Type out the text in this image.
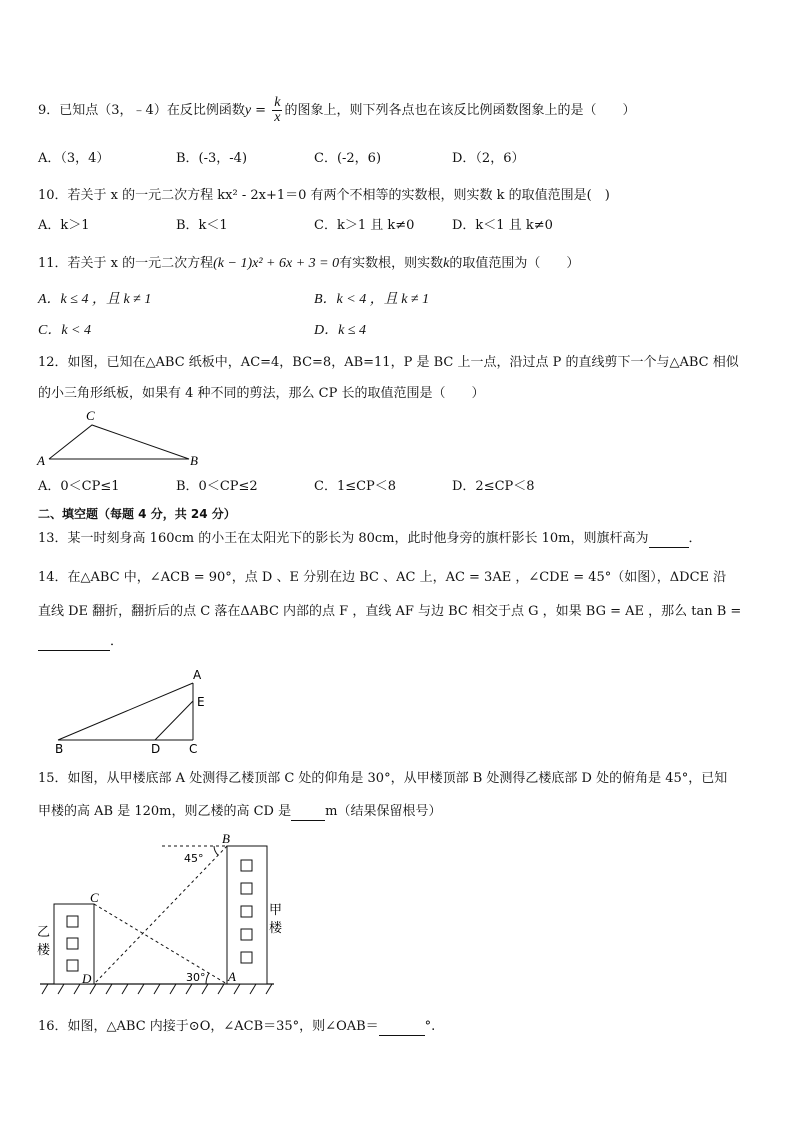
9．已知点（3，﹣4）在反比例函数$y = \frac{k}{x}$ 的图象上，则下列各点也在该反比例函数图象上的是（　　）
A．（3，4）	B．(-3，-4)	C．(-2，6)	D．（2，6）
10．若关于 x 的一元二次方程 kx² - 2x+1＝0 有两个不相等的实数根，则实数 k 的取值范围是(　)
A．k＞1	B．k＜1	C．k＞1 且 k≠0	D．k＜1 且 k≠0
11．若关于 x 的一元二次方程(k − 1)x² + 6x + 3 = 0有实数根，则实数k的取值范围为（　　）
A．k ≤ 4 ，且 k ≠ 1	B．k < 4 ，且 k ≠ 1
C．k < 4	D．k ≤ 4
12．如图，已知在△ABC 纸板中，AC=4，BC=8，AB=11，P 是 BC 上一点，沿过点 P 的直线剪下一个与△ABC 相似
的小三角形纸板，如果有 4 种不同的剪法，那么 CP 长的取值范围是（　　）
C
A	B
A．0＜CP≤1	B．0＜CP≤2	C．1≤CP＜8	D．2≤CP＜8
二、填空题（每题 4 分，共 24 分）
13．某一时刻身高 160cm 的小王在太阳光下的影长为 80cm，此时他身旁的旗杆影长 10m，则旗杆高为	．
14．在△ABC 中，∠ACB = 90°，点 D 、E 分别在边 BC 、AC 上，AC = 3AE ，∠CDE = 45°（如图），ΔDCE 沿
直线 DE 翻折，翻折后的点 C 落在ΔABC 内部的点 F ，直线 AF 与边 BC 相交于点 G ，如果 BG = AE ，那么 tan B =
．
A
E
B	D C
15．如图，从甲楼底部 A 处测得乙楼顶部 C 处的仰角是 30°，从甲楼顶部 B 处测得乙楼底部 D 处的俯角是 45°，已知
甲楼的高 AB 是 120m，则乙楼的高 CD 是	m（结果保留根号）
B
C
D	A
45°
30°
乙
楼
甲
楼
16．如图，△ABC 内接于⊙O，∠ACB＝35°，则∠OAB＝	°.
